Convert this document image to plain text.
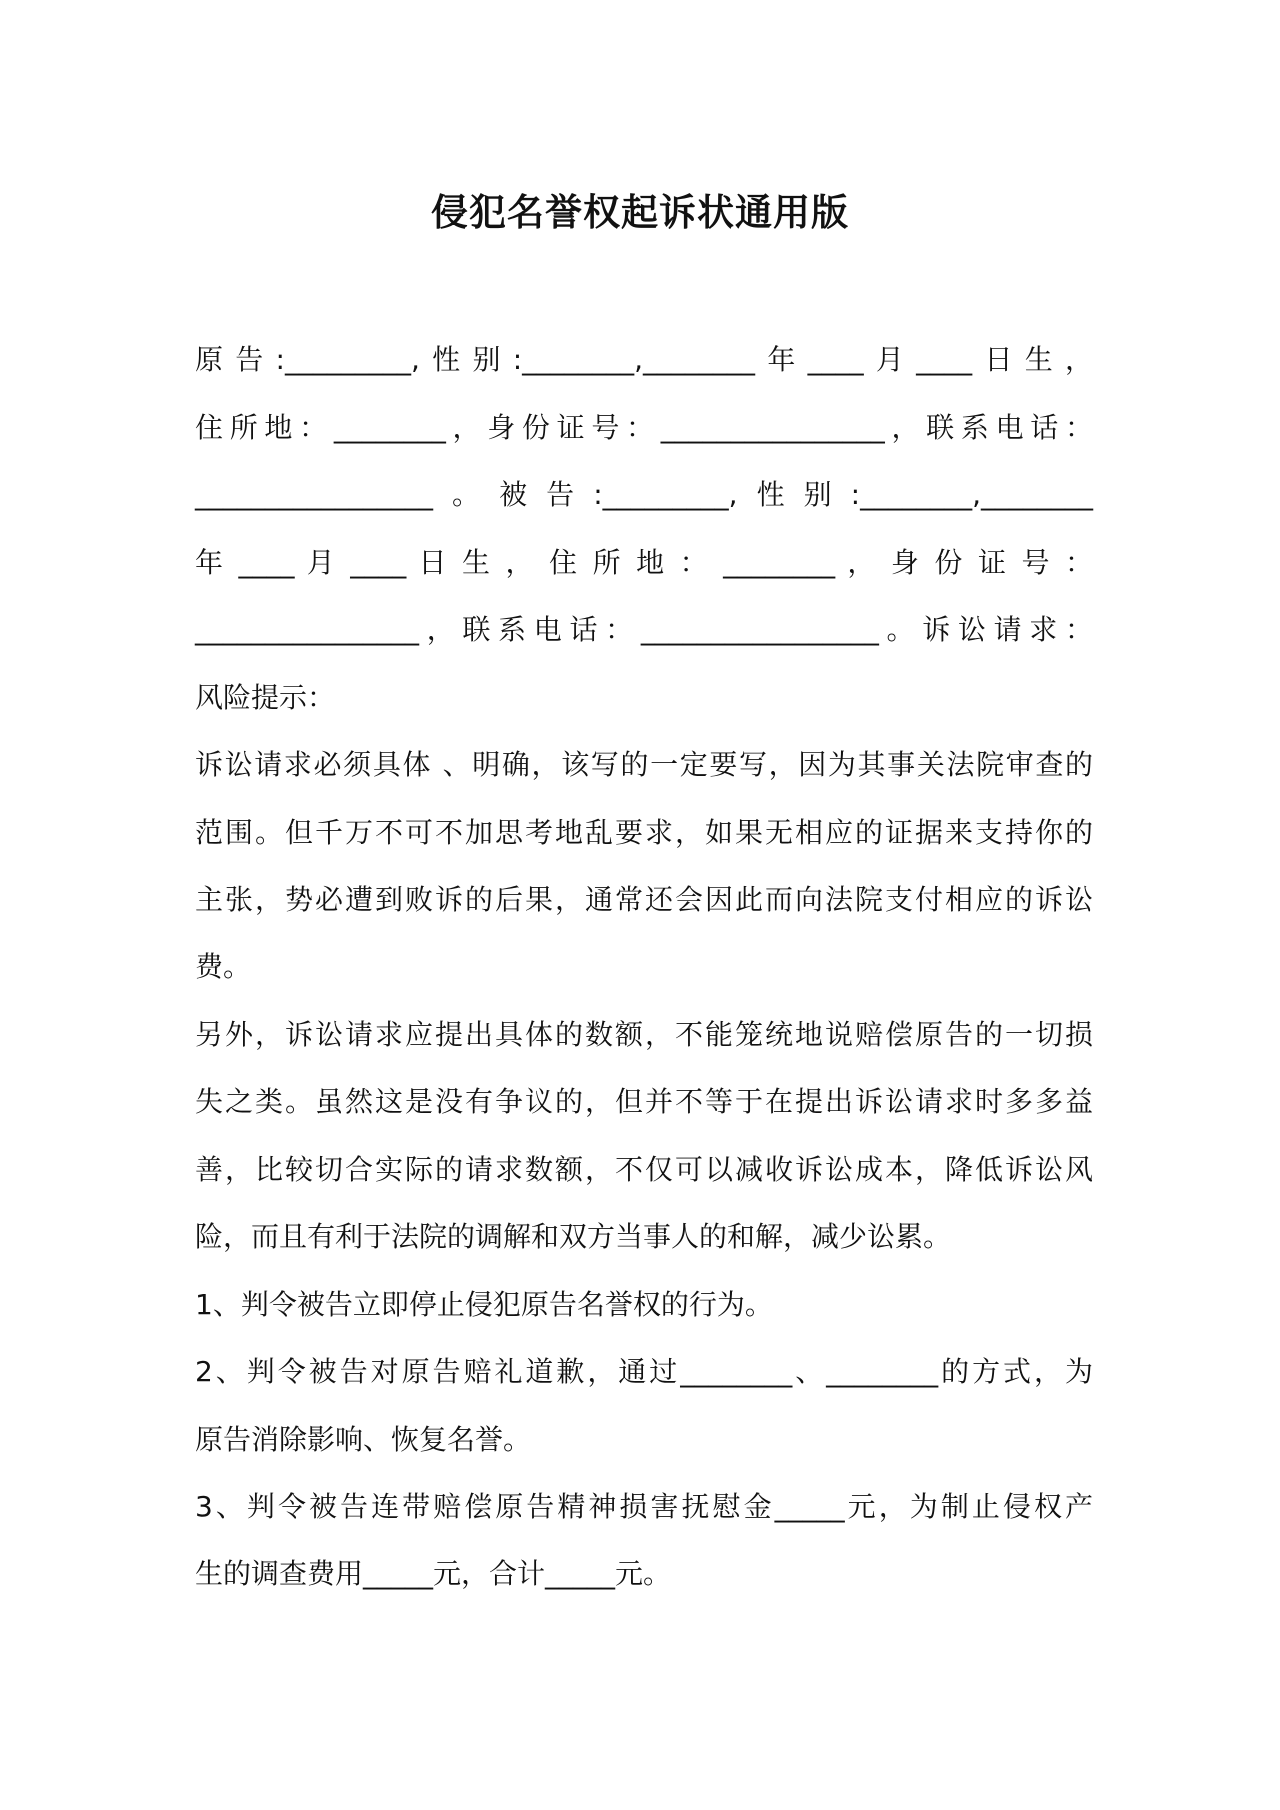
侵犯名誉权起诉状通用版
原告:_________,性别:________,________年____月____日生，
住所地：________，身份证号：________________，联系电话：
_________________。被告:_________,性别:________,________
年 ____ 月 ____ 日 生 ， 住 所 地 ： ________ ， 身 份 证 号 ：
________________，联系电话：_________________。诉讼请求：
风险提示：
诉讼请求必须具体 、明确，该写的一定要写，因为其事关法院审查的
范围。但千万不可不加思考地乱要求，如果无相应的证据来支持你的
主张，势必遭到败诉的后果，通常还会因此而向法院支付相应的诉讼
费。
另外，诉讼请求应提出具体的数额，不能笼统地说赔偿原告的一切损
失之类。虽然这是没有争议的，但并不等于在提出诉讼请求时多多益
善，比较切合实际的请求数额，不仅可以减收诉讼成本，降低诉讼风
险，而且有利于法院的调解和双方当事人的和解，减少讼累。
1、判令被告立即停止侵犯原告名誉权的行为。
2、判令被告对原告赔礼道歉，通过________、________的方式，为
原告消除影响、恢复名誉。
3、判令被告连带赔偿原告精神损害抚慰金_____元，为制止侵权产
生的调查费用_____元，合计_____元。
